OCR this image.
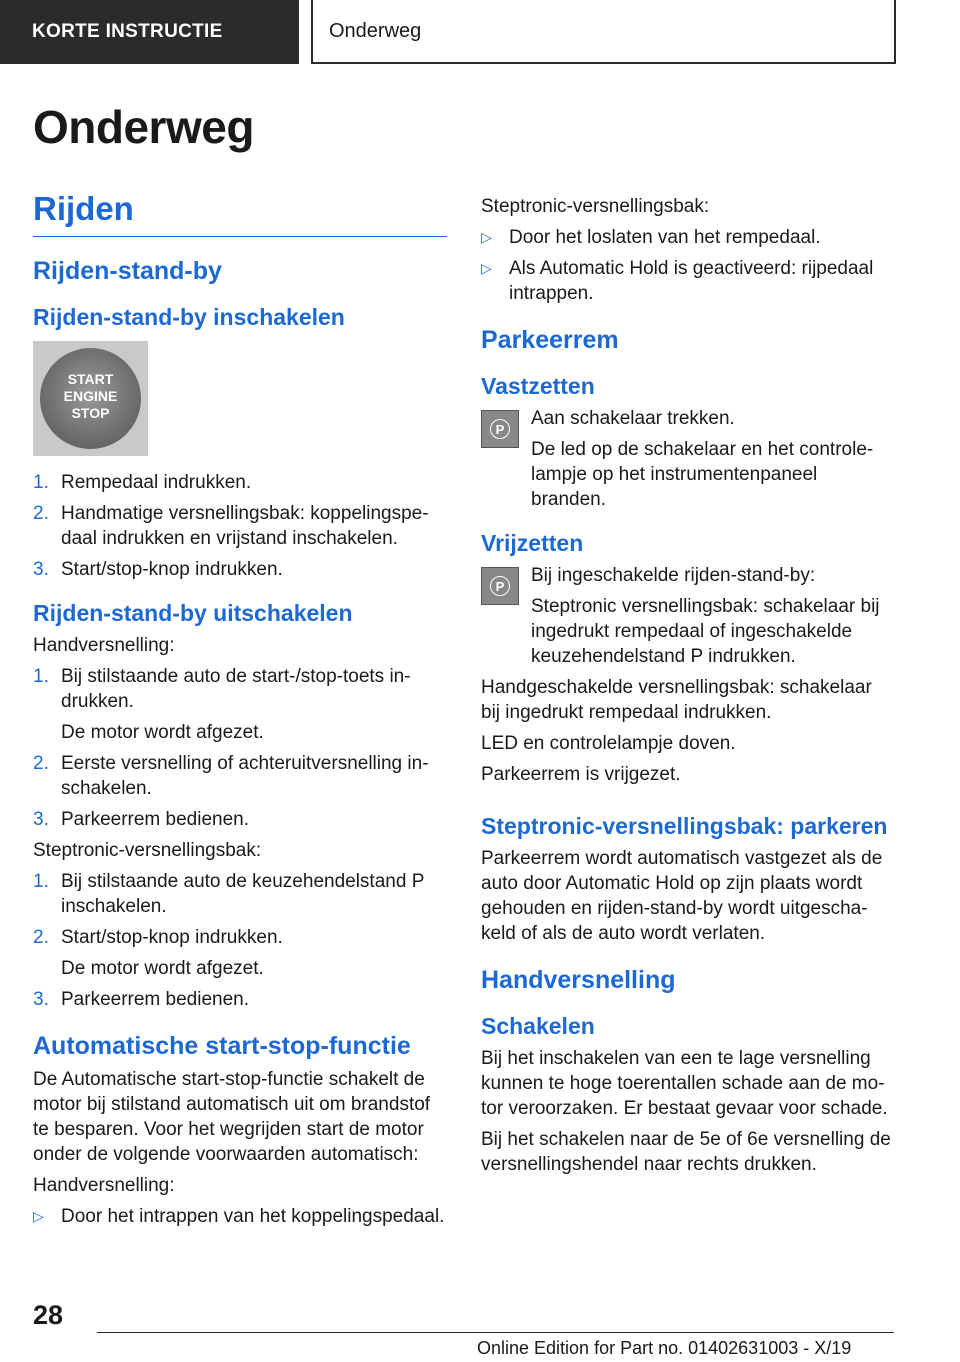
KORTE INSTRUCTIE	Onderweg
Onderweg
Rijden
Rijden-stand-by
Rijden-stand-by inschakelen
START
ENGINE
STOP
1. Rempedaal indrukken.
2. Handmatige versnellingsbak: koppelingspedaal indrukken en vrijstand inschakelen.
3. Start/stop-knop indrukken.
Rijden-stand-by uitschakelen

Handversnelling:

1. Bij stilstaande auto de start-/stop-toets indrukken.
De motor wordt afgezet.
2. Eerste versnelling of achteruitversnelling inschakelen.
3. Parkeerrem bedienen.

Steptronic-versnellingsbak:

1. Bij stilstaande auto de keuzehendelstand P inschakelen.
2. Start/stop-knop indrukken.
De motor wordt afgezet.
3. Parkeerrem bedienen.
Automatische start-stop-functie

De Automatische start-stop-functie schakelt de motor bij stilstand automatisch uit om brandstof te besparen. Voor het wegrijden start de motor onder de volgende voorwaarden automatisch:

Handversnelling:

▷ Door het intrappen van het koppelingspedaal.

Steptronic-versnellingsbak:

▷ Door het loslaten van het rempedaal.
▷ Als Automatic Hold is geactiveerd: rijpedaal intrappen.
Parkeerrem
Vastzetten
P Aan schakelaar trekken.

De led op de schakelaar en het controlelampje op het instrumentenpaneel branden.

Vrijzetten
P Bij ingeschakelde rijden-stand-by:

Steptronic versnellingsbak: schakelaar bij ingedrukt rempedaal of ingeschakelde keuzehendelstand P indrukken.

Handgeschakelde versnellingsbak: schakelaar bij ingedrukt rempedaal indrukken.

LED en controlelampje doven.

Parkeerrem is vrijgezet.

Steptronic-versnellingsbak: parkeren

Parkeerrem wordt automatisch vastgezet als de auto door Automatic Hold op zijn plaats wordt gehouden en rijden-stand-by wordt uitgeschakeld of als de auto wordt verlaten.

Handversnelling
Schakelen

Bij het inschakelen van een te lage versnelling kunnen te hoge toerentallen schade aan de motor veroorzaken. Er bestaat gevaar voor schade.

Bij het schakelen naar de 5e of 6e versnelling de versnellingshendel naar rechts drukken.

28
Online Edition for Part no. 01402631003 - X/19
